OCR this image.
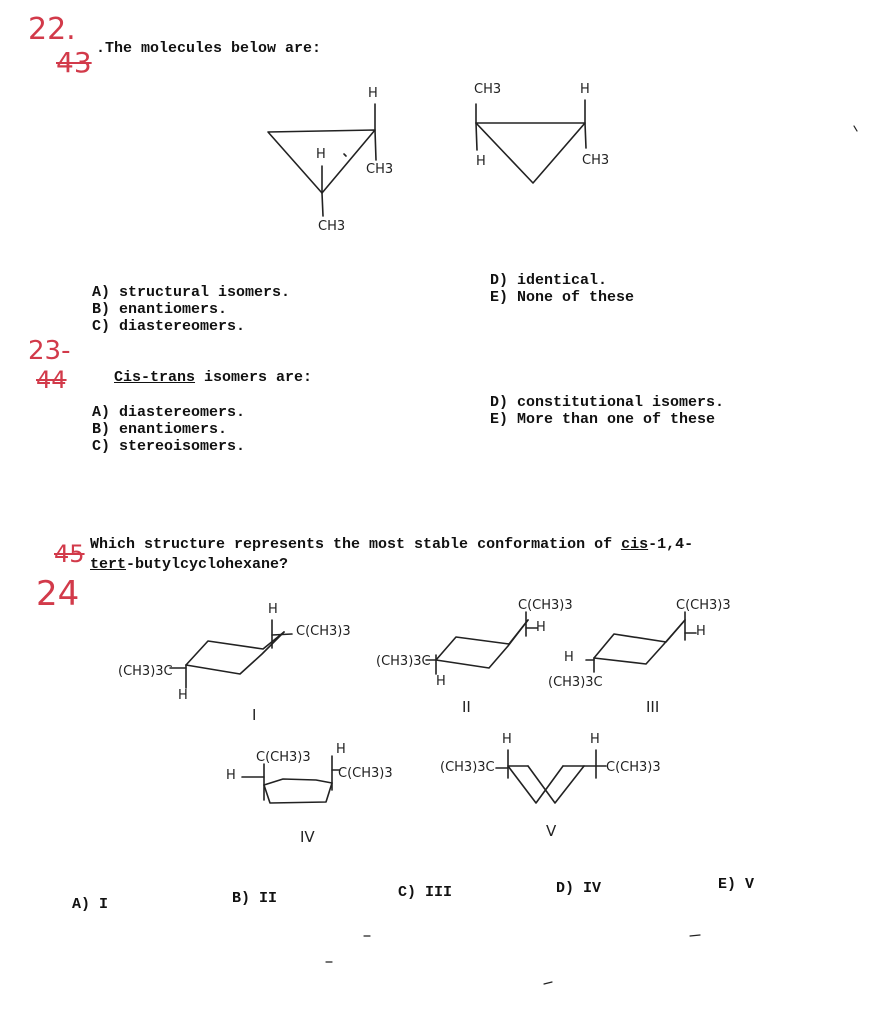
22.
43 .The molecules below are:
H
H
CH3
CH3
CH3	H
H	CH3
A) structural isomers.
B) enantiomers.
C) diastereomers.
D) identical.
E) None of these
23-
44	Cis-trans isomers are:
A) diastereomers.
B) enantiomers.
C) stereoisomers.
D) constitutional isomers.
E) More than one of these
45
24
Which structure represents the most stable conformation of cis-1,4-
tert-butylcyclohexane?
H
C(CH3)3
(CH3)3C
H
I
C(CH3)3
H
(CH3)3C
H
II
C(CH3)3
H
H
(CH3)3C
III
C(CH3)3
H
H
C(CH3)3
IV
H	H
(CH3)3C	C(CH3)3
V
A) I	B) II	C) III	D) IV	E) V
